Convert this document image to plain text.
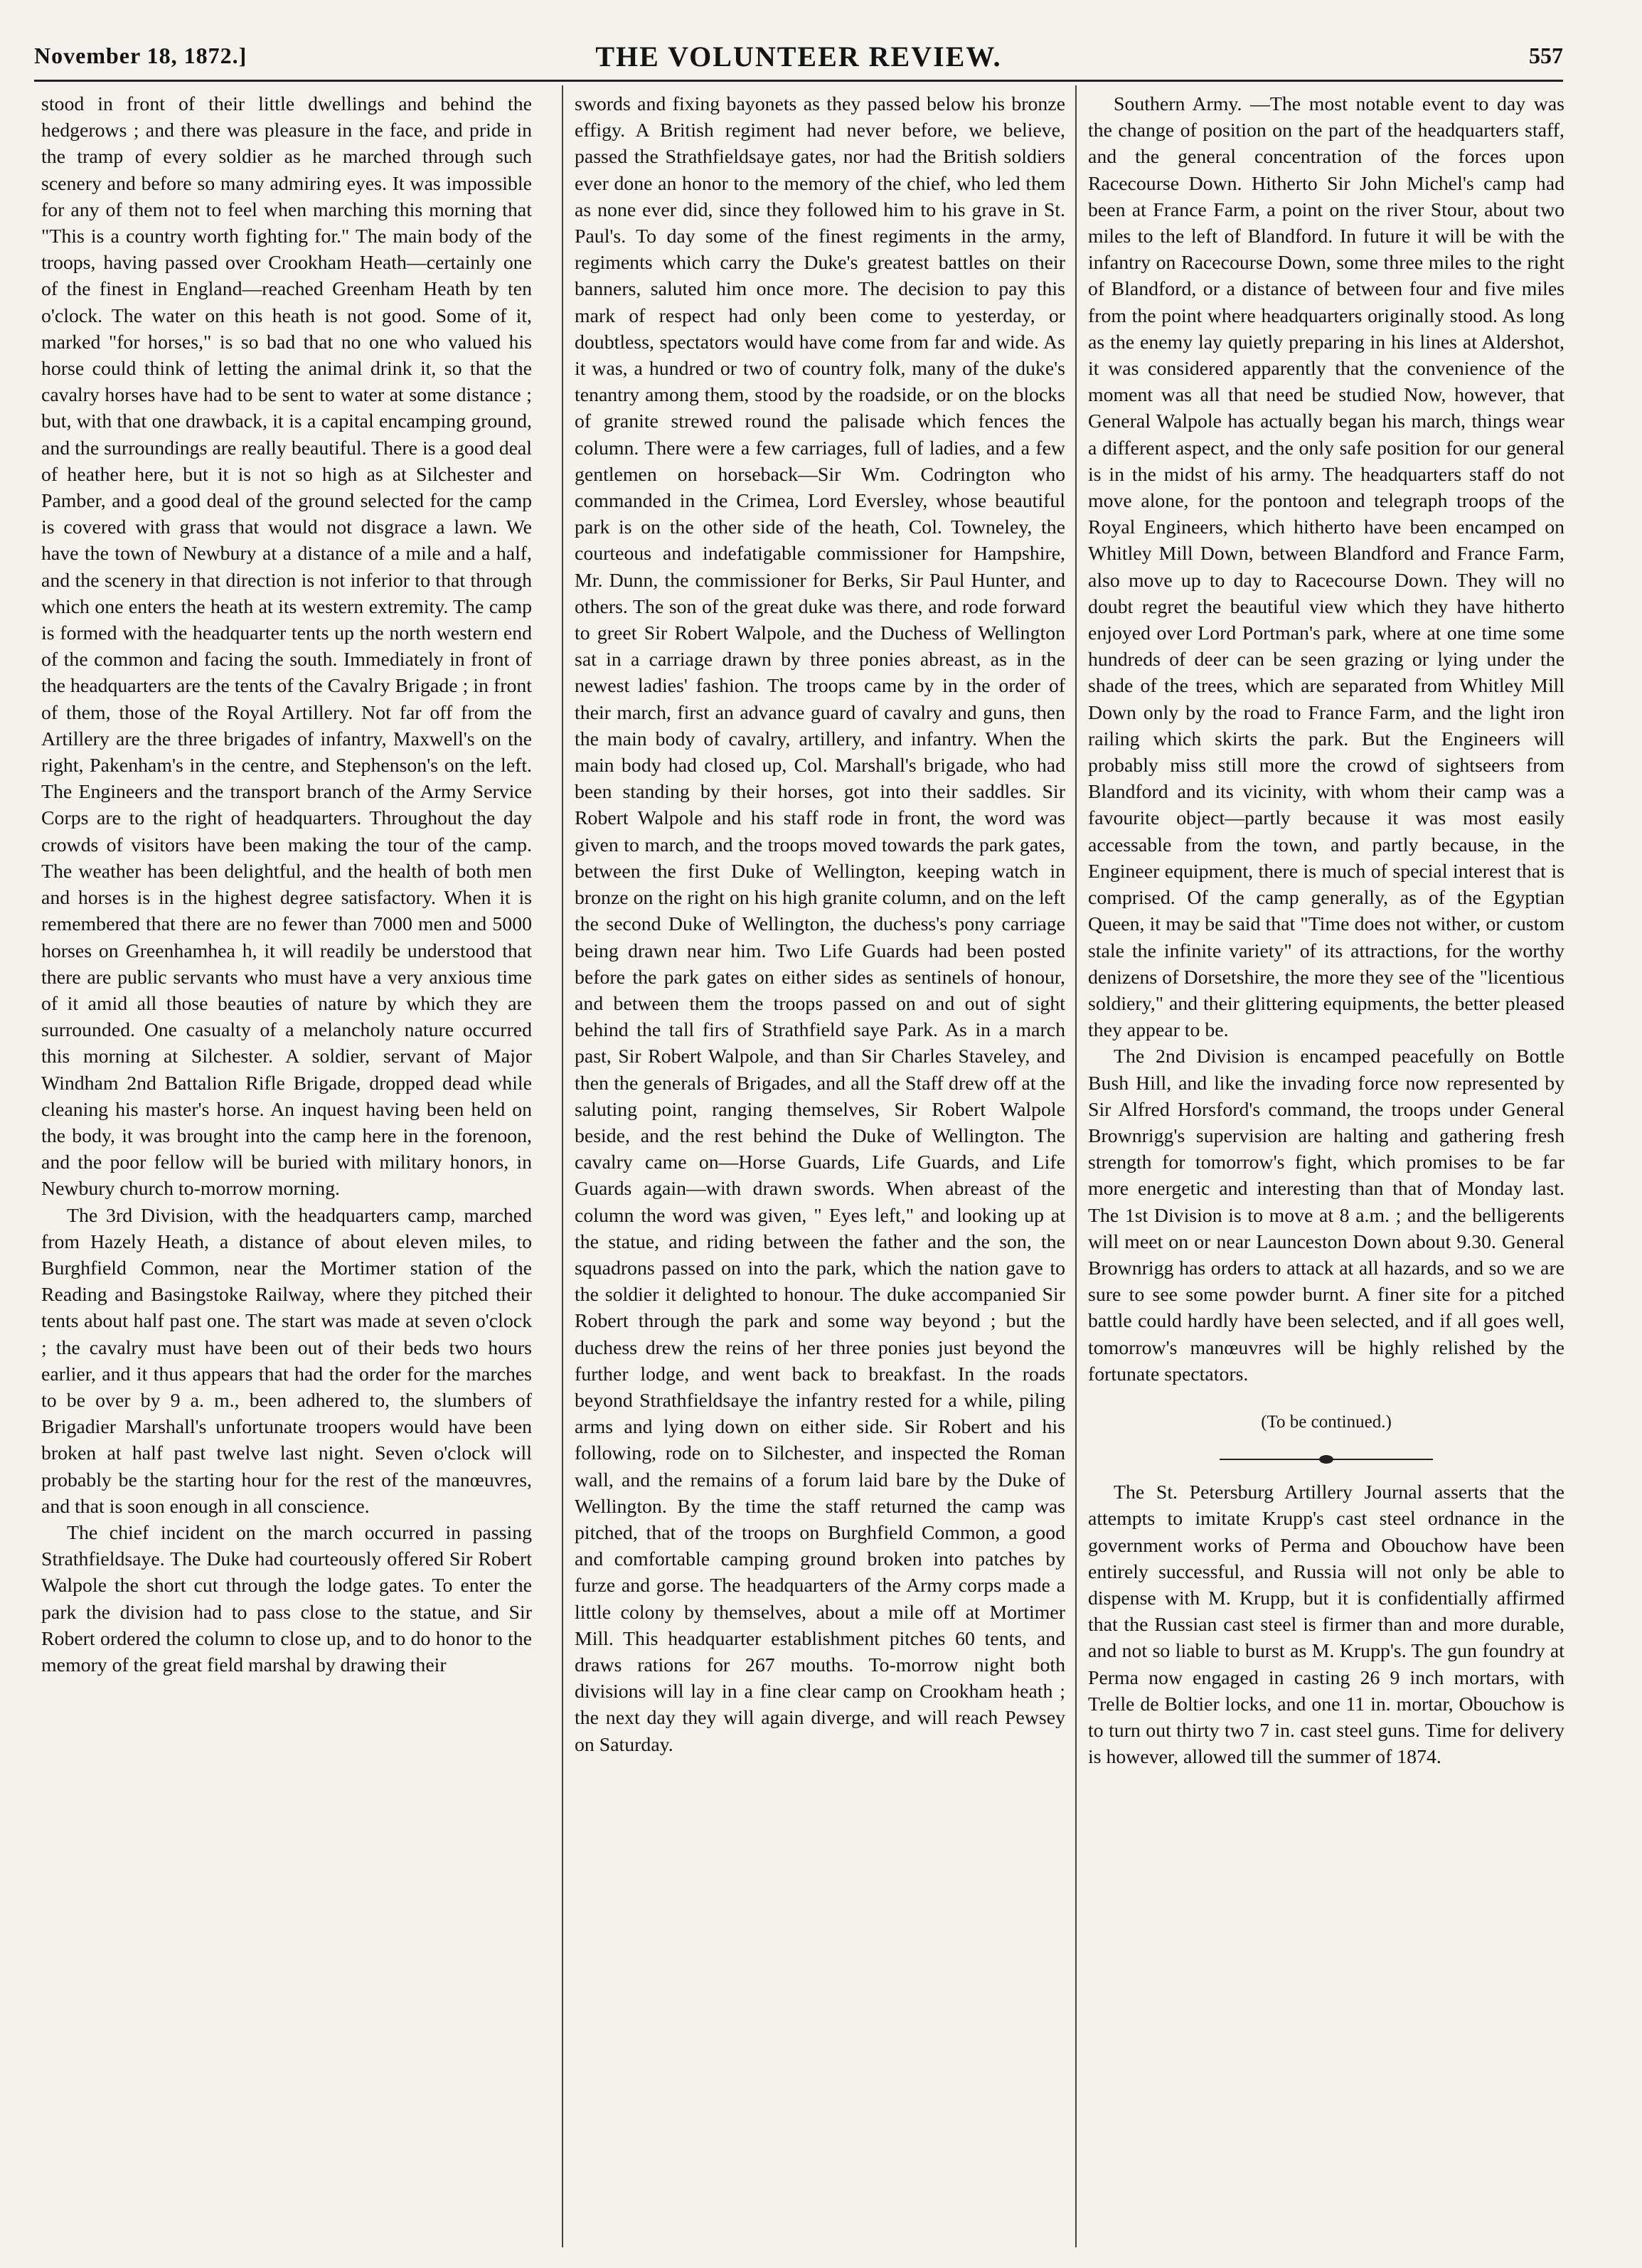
November 18, 1872.]	THE VOLUNTEER REVIEW.	557

stood in front of their little dwellings and behind the hedgerows ; and there was pleasure in the face, and pride in the tramp of every soldier as he marched through such scenery and before so many admiring eyes. It was impossible for any of them not to feel when marching this morning that "This is a country worth fighting for." The main body of the troops, having passed over Crookham Heath—certainly one of the finest in England—reached Greenham Heath by ten o'clock. The water on this heath is not good. Some of it, marked "for horses," is so bad that no one who valued his horse could think of letting the animal drink it, so that the cavalry horses have had to be sent to water at some distance ; but, with that one drawback, it is a capital encamping ground, and the surroundings are really beautiful. There is a good deal of heather here, but it is not so high as at Silchester and Pamber, and a good deal of the ground selected for the camp is covered with grass that would not disgrace a lawn. We have the town of Newbury at a distance of a mile and a half, and the scenery in that direction is not inferior to that through which one enters the heath at its western extremity. The camp is formed with the headquarter tents up the north western end of the common and facing the south. Immediately in front of the headquarters are the tents of the Cavalry Brigade ; in front of them, those of the Royal Artillery. Not far off from the Artillery are the three brigades of infantry, Maxwell's on the right, Pakenham's in the centre, and Stephenson's on the left. The Engineers and the transport branch of the Army Service Corps are to the right of headquarters. Throughout the day crowds of visitors have been making the tour of the camp. The weather has been delightful, and the health of both men and horses is in the highest degree satisfactory. When it is remembered that there are no fewer than 7000 men and 5000 horses on Greenhamhea h, it will readily be understood that there are public servants who must have a very anxious time of it amid all those beauties of nature by which they are surrounded. One casualty of a melancholy nature occurred this morning at Silchester. A soldier, servant of Major Windham 2nd Battalion Rifle Brigade, dropped dead while cleaning his master's horse. An inquest having been held on the body, it was brought into the camp here in the forenoon, and the poor fellow will be buried with military honors, in Newbury church to-morrow morning.

The 3rd Division, with the headquarters camp, marched from Hazely Heath, a distance of about eleven miles, to Burghfield Common, near the Mortimer station of the Reading and Basingstoke Railway, where they pitched their tents about half past one. The start was made at seven o'clock ; the cavalry must have been out of their beds two hours earlier, and it thus appears that had the order for the marches to be over by 9 a. m., been adhered to, the slumbers of Brigadier Marshall's unfortunate troopers would have been broken at half past twelve last night. Seven o'clock will probably be the starting hour for the rest of the manœuvres, and that is soon enough in all conscience.

The chief incident on the march occurred in passing Strathfieldsaye. The Duke had courteously offered Sir Robert Walpole the short cut through the lodge gates. To enter the park the division had to pass close to the statue, and Sir Robert ordered the column to close up, and to do honor to the memory of the great field marshal by drawing their

swords and fixing bayonets as they passed below his bronze effigy. A British regiment had never before, we believe, passed the Strathfieldsaye gates, nor had the British soldiers ever done an honor to the memory of the chief, who led them as none ever did, since they followed him to his grave in St. Paul's. To day some of the finest regiments in the army, regiments which carry the Duke's greatest battles on their banners, saluted him once more. The decision to pay this mark of respect had only been come to yesterday, or doubtless, spectators would have come from far and wide. As it was, a hundred or two of country folk, many of the duke's tenantry among them, stood by the roadside, or on the blocks of granite strewed round the palisade which fences the column. There were a few carriages, full of ladies, and a few gentlemen on horseback—Sir Wm. Codrington who commanded in the Crimea, Lord Eversley, whose beautiful park is on the other side of the heath, Col. Towneley, the courteous and indefatigable commissioner for Hampshire, Mr. Dunn, the commissioner for Berks, Sir Paul Hunter, and others. The son of the great duke was there, and rode forward to greet Sir Robert Walpole, and the Duchess of Wellington sat in a carriage drawn by three ponies abreast, as in the newest ladies' fashion. The troops came by in the order of their march, first an advance guard of cavalry and guns, then the main body of cavalry, artillery, and infantry. When the main body had closed up, Col. Marshall's brigade, who had been standing by their horses, got into their saddles. Sir Robert Walpole and his staff rode in front, the word was given to march, and the troops moved towards the park gates, between the first Duke of Wellington, keeping watch in bronze on the right on his high granite column, and on the left the second Duke of Wellington, the duchess's pony carriage being drawn near him. Two Life Guards had been posted before the park gates on either sides as sentinels of honour, and between them the troops passed on and out of sight behind the tall firs of Strathfield saye Park. As in a march past, Sir Robert Walpole, and than Sir Charles Staveley, and then the generals of Brigades, and all the Staff drew off at the saluting point, ranging themselves, Sir Robert Walpole beside, and the rest behind the Duke of Wellington. The cavalry came on—Horse Guards, Life Guards, and Life Guards again—with drawn swords. When abreast of the column the word was given, " Eyes left," and looking up at the statue, and riding between the father and the son, the squadrons passed on into the park, which the nation gave to the soldier it delighted to honour. The duke accompanied Sir Robert through the park and some way beyond ; but the duchess drew the reins of her three ponies just beyond the further lodge, and went back to breakfast. In the roads beyond Strathfieldsaye the infantry rested for a while, piling arms and lying down on either side. Sir Robert and his following, rode on to Silchester, and inspected the Roman wall, and the remains of a forum laid bare by the Duke of Wellington. By the time the staff returned the camp was pitched, that of the troops on Burghfield Common, a good and comfortable camping ground broken into patches by furze and gorse. The headquarters of the Army corps made a little colony by themselves, about a mile off at Mortimer Mill. This headquarter establishment pitches 60 tents, and draws rations for 267 mouths. To-morrow night both divisions will lay in a fine clear camp on Crookham heath ; the next day they will again diverge, and will reach Pewsey on Saturday.

Southern Army. —The most notable event to day was the change of position on the part of the headquarters staff, and the general concentration of the forces upon Racecourse Down. Hitherto Sir John Michel's camp had been at France Farm, a point on the river Stour, about two miles to the left of Blandford. In future it will be with the infantry on Racecourse Down, some three miles to the right of Blandford, or a distance of between four and five miles from the point where headquarters originally stood. As long as the enemy lay quietly preparing in his lines at Aldershot, it was considered apparently that the convenience of the moment was all that need be studied Now, however, that General Walpole has actually began his march, things wear a different aspect, and the only safe position for our general is in the midst of his army. The headquarters staff do not move alone, for the pontoon and telegraph troops of the Royal Engineers, which hitherto have been encamped on Whitley Mill Down, between Blandford and France Farm, also move up to day to Racecourse Down. They will no doubt regret the beautiful view which they have hitherto enjoyed over Lord Portman's park, where at one time some hundreds of deer can be seen grazing or lying under the shade of the trees, which are separated from Whitley Mill Down only by the road to France Farm, and the light iron railing which skirts the park. But the Engineers will probably miss still more the crowd of sightseers from Blandford and its vicinity, with whom their camp was a favourite object—partly because it was most easily accessable from the town, and partly because, in the Engineer equipment, there is much of special interest that is comprised. Of the camp generally, as of the Egyptian Queen, it may be said that "Time does not wither, or custom stale the infinite variety" of its attractions, for the worthy denizens of Dorsetshire, the more they see of the "licentious soldiery," and their glittering equipments, the better pleased they appear to be.

The 2nd Division is encamped peacefully on Bottle Bush Hill, and like the invading force now represented by Sir Alfred Horsford's command, the troops under General Brownrigg's supervision are halting and gathering fresh strength for tomorrow's fight, which promises to be far more energetic and interesting than that of Monday last. The 1st Division is to move at 8 a.m. ; and the belligerents will meet on or near Launceston Down about 9.30. General Brownrigg has orders to attack at all hazards, and so we are sure to see some powder burnt. A finer site for a pitched battle could hardly have been selected, and if all goes well, tomorrow's manœuvres will be highly relished by the fortunate spectators.

(To be continued.)

The St. Petersburg Artillery Journal asserts that the attempts to imitate Krupp's cast steel ordnance in the government works of Perma and Obouchow have been entirely successful, and Russia will not only be able to dispense with M. Krupp, but it is confidentially affirmed that the Russian cast steel is firmer than and more durable, and not so liable to burst as M. Krupp's. The gun foundry at Perma now engaged in casting 26 9 inch mortars, with Trelle de Boltier locks, and one 11 in. mortar, Obouchow is to turn out thirty two 7 in. cast steel guns. Time for delivery is however, allowed till the summer of 1874.
